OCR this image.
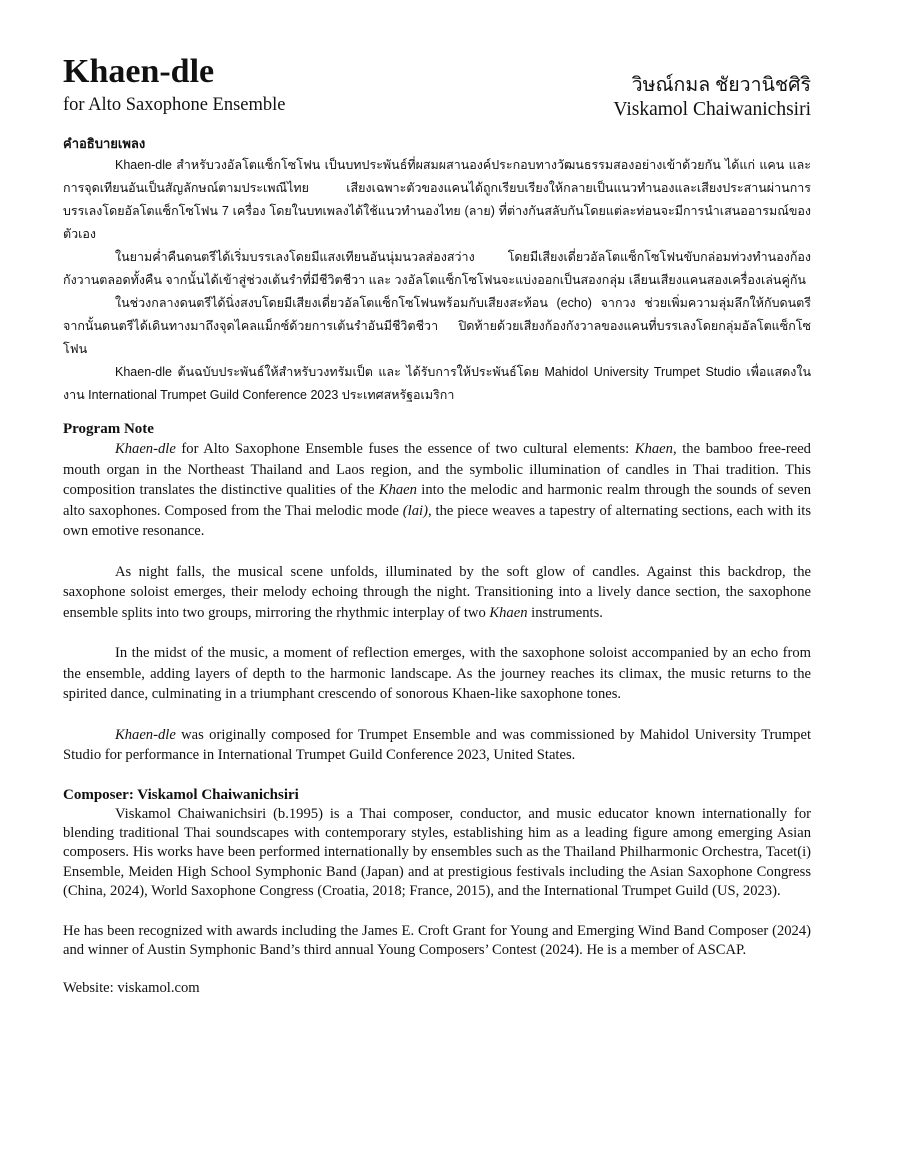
Khaen-dle
for Alto Saxophone Ensemble
วิษณ์กมล ชัยวานิชศิริ
Viskamol Chaiwanichsiri
คำอธิบายเพลง

Khaen-dle สำหรับวงอัลโตแซ็กโซโฟน เป็นบทประพันธ์ที่ผสมผสานองค์ประกอบทางวัฒนธรรมสองอย่างเข้าด้วยกัน ได้แก่ แคน และการจุดเทียนอันเป็นสัญลักษณ์ตามประเพณีไทย เสียงเฉพาะตัวของแคนได้ถูกเรียบเรียงให้กลายเป็นแนวทำนองและเสียงประสานผ่านการบรรเลงโดยอัลโตแซ็กโซโฟน 7 เครื่อง โดยในบทเพลงได้ใช้แนวทำนองไทย (ลาย) ที่ต่างกันสลับกันโดยแต่ละท่อนจะมีการนำเสนออารมณ์ของตัวเอง

ในยามค่ำคืนดนตรีได้เริ่มบรรเลงโดยมีแสงเทียนอันนุ่มนวลส่องสว่าง โดยมีเสียงเดี่ยวอัลโตแซ็กโซโฟนขับกล่อมท่วงทำนองก้องกังวานตลอดทั้งคืน จากนั้นได้เข้าสู่ช่วงเต้นรำที่มีชีวิตชีวา และ วงอัลโตแซ็กโซโฟนจะแบ่งออกเป็นสองกลุ่ม เลียนเสียงแคนสองเครื่องเล่นคู่กัน

ในช่วงกลางดนตรีได้นิ่งสงบโดยมีเสียงเดี่ยวอัลโตแซ็กโซโฟนพร้อมกับเสียงสะท้อน (echo) จากวง ช่วยเพิ่มความลุ่มลึกให้กับดนตรี จากนั้นดนตรีได้เดินทางมาถึงจุดไคลแม็กซ์ด้วยการเต้นรำอันมีชีวิตชีวา ปิดท้ายด้วยเสียงก้องกังวาลของแคนที่บรรเลงโดยกลุ่มอัลโตแซ็กโซโฟน

Khaen-dle ต้นฉบับประพันธ์ให้สำหรับวงทรัมเป็ต และ ได้รับการให้ประพันธ์โดย Mahidol University Trumpet Studio เพื่อแสดงในงาน International Trumpet Guild Conference 2023 ประเทศสหรัฐอเมริกา

Program Note

Khaen-dle for Alto Saxophone Ensemble fuses the essence of two cultural elements: Khaen, the bamboo free-reed mouth organ in the Northeast Thailand and Laos region, and the symbolic illumination of candles in Thai tradition. This composition translates the distinctive qualities of the Khaen into the melodic and harmonic realm through the sounds of seven alto saxophones. Composed from the Thai melodic mode (lai), the piece weaves a tapestry of alternating sections, each with its own emotive resonance.

As night falls, the musical scene unfolds, illuminated by the soft glow of candles. Against this backdrop, the saxophone soloist emerges, their melody echoing through the night. Transitioning into a lively dance section, the saxophone ensemble splits into two groups, mirroring the rhythmic interplay of two Khaen instruments.

In the midst of the music, a moment of reflection emerges, with the saxophone soloist accompanied by an echo from the ensemble, adding layers of depth to the harmonic landscape. As the journey reaches its climax, the music returns to the spirited dance, culminating in a triumphant crescendo of sonorous Khaen-like saxophone tones.

Khaen-dle was originally composed for Trumpet Ensemble and was commissioned by Mahidol University Trumpet Studio for performance in International Trumpet Guild Conference 2023, United States.

Composer: Viskamol Chaiwanichsiri

Viskamol Chaiwanichsiri (b.1995) is a Thai composer, conductor, and music educator known internationally for blending traditional Thai soundscapes with contemporary styles, establishing him as a leading figure among emerging Asian composers. His works have been performed internationally by ensembles such as the Thailand Philharmonic Orchestra, Tacet(i) Ensemble, Meiden High School Symphonic Band (Japan) and at prestigious festivals including the Asian Saxophone Congress (China, 2024), World Saxophone Congress (Croatia, 2018; France, 2015), and the International Trumpet Guild (US, 2023).

He has been recognized with awards including the James E. Croft Grant for Young and Emerging Wind Band Composer (2024) and winner of Austin Symphonic Band’s third annual Young Composers’ Contest (2024). He is a member of ASCAP.

Website: viskamol.com
